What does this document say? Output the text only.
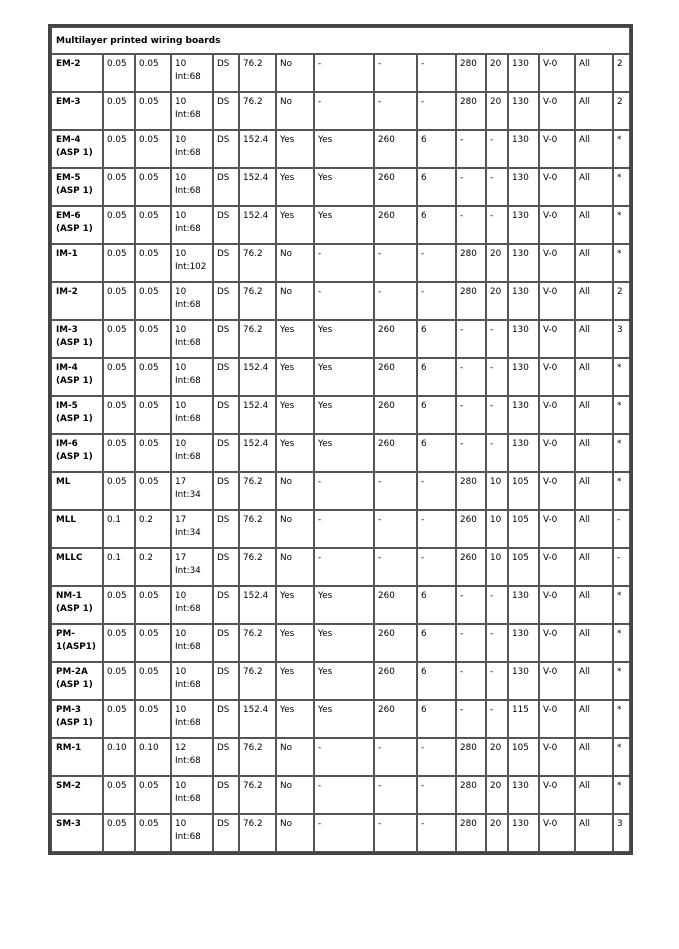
Multilayer printed wiring boards															
EM-2	0.05	0.05	10 Int:68	DS	76.2	No	-	-	-	280	20	130	V-0	All	2
EM-3	0.05	0.05	10 Int:68	DS	76.2	No	-	-	-	280	20	130	V-0	All	2
EM-4 (ASP 1)	0.05	0.05	10 Int:68	DS	152.4	Yes	Yes	260	6	-	-	130	V-0	All	*
EM-5 (ASP 1)	0.05	0.05	10 Int:68	DS	152.4	Yes	Yes	260	6	-	-	130	V-0	All	*
EM-6 (ASP 1)	0.05	0.05	10 Int:68	DS	152.4	Yes	Yes	260	6	-	-	130	V-0	All	*
IM-1	0.05	0.05	10 Int:102	DS	76.2	No	-	-	-	280	20	130	V-0	All	*
IM-2	0.05	0.05	10 Int:68	DS	76.2	No	-	-	-	280	20	130	V-0	All	2
IM-3 (ASP 1)	0.05	0.05	10 Int:68	DS	76.2	Yes	Yes	260	6	-	-	130	V-0	All	3
IM-4 (ASP 1)	0.05	0.05	10 Int:68	DS	152.4	Yes	Yes	260	6	-	-	130	V-0	All	*
IM-5 (ASP 1)	0.05	0.05	10 Int:68	DS	152.4	Yes	Yes	260	6	-	-	130	V-0	All	*
IM-6 (ASP 1)	0.05	0.05	10 Int:68	DS	152.4	Yes	Yes	260	6	-	-	130	V-0	All	*
ML	0.05	0.05	17 Int:34	DS	76.2	No	-	-	-	280	10	105	V-0	All	*
MLL	0.1	0.2	17 Int:34	DS	76.2	No	-	-	-	260	10	105	V-0	All	-
MLLC	0.1	0.2	17 Int:34	DS	76.2	No	-	-	-	260	10	105	V-0	All	-
NM-1 (ASP 1)	0.05	0.05	10 Int:68	DS	152.4	Yes	Yes	260	6	-	-	130	V-0	All	*
PM-1(ASP1)	0.05	0.05	10 Int:68	DS	76.2	Yes	Yes	260	6	-	-	130	V-0	All	*
PM-2A (ASP 1)	0.05	0.05	10 Int:68	DS	76.2	Yes	Yes	260	6	-	-	130	V-0	All	*
PM-3 (ASP 1)	0.05	0.05	10 Int:68	DS	152.4	Yes	Yes	260	6	-	-	115	V-0	All	*
RM-1	0.10	0.10	12 Int:68	DS	76.2	No	-	-	-	280	20	105	V-0	All	*
SM-2	0.05	0.05	10 Int:68	DS	76.2	No	-	-	-	280	20	130	V-0	All	*
SM-3	0.05	0.05	10 Int:68	DS	76.2	No	-	-	-	280	20	130	V-0	All	3
